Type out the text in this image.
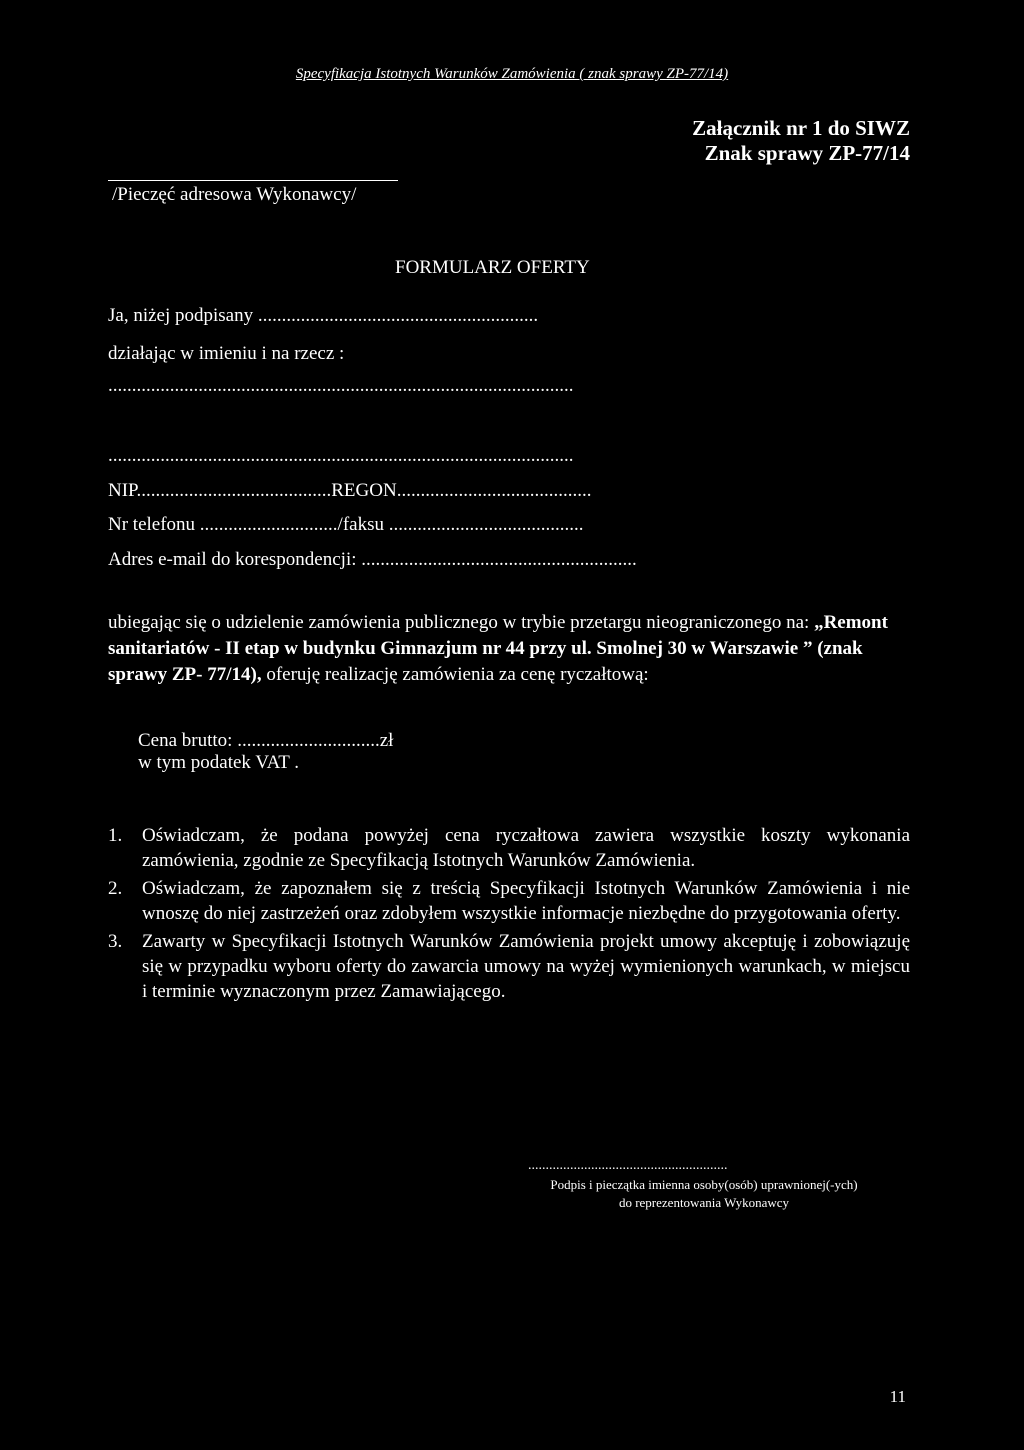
Specyfikacja Istotnych Warunków Zamówienia ( znak sprawy ZP-77/14)
Załącznik nr 1 do SIWZ
Znak sprawy ZP-77/14
/Pieczęć adresowa Wykonawcy/
FORMULARZ OFERTY
Ja, niżej podpisany ...........................................................
działając w imieniu i na rzecz :
..................................................................................................
..................................................................................................
NIP.........................................REGON.........................................
Nr telefonu ............................./faksu .........................................
Adres e-mail do korespondencji: ..........................................................
ubiegając się o udzielenie zamówienia publicznego w trybie przetargu nieograniczonego na: „Remont sanitariatów - II etap w budynku Gimnazjum nr 44 przy ul. Smolnej 30 w Warszawie ” (znak sprawy ZP- 77/14), oferuję realizację zamówienia za cenę ryczałtową:
Cena brutto: ..............................zł
w tym podatek VAT .
1.	Oświadczam, że podana powyżej cena ryczałtowa zawiera wszystkie koszty wykonania zamówienia, zgodnie ze Specyfikacją Istotnych Warunków Zamówienia.
2.	Oświadczam, że zapoznałem się z treścią Specyfikacji Istotnych Warunków Zamówienia i nie wnoszę do niej zastrzeżeń oraz zdobyłem wszystkie informacje niezbędne do przygotowania oferty.
3.	Zawarty w Specyfikacji Istotnych Warunków Zamówienia projekt umowy akceptuję i zobowiązuję się w przypadku wyboru oferty do zawarcia umowy na wyżej wymienionych warunkach, w miejscu i terminie wyznaczonym przez Zamawiającego.
.........................................................
Podpis i pieczątka imienna osoby(osób) uprawnionej(-ych) do reprezentowania Wykonawcy
11
